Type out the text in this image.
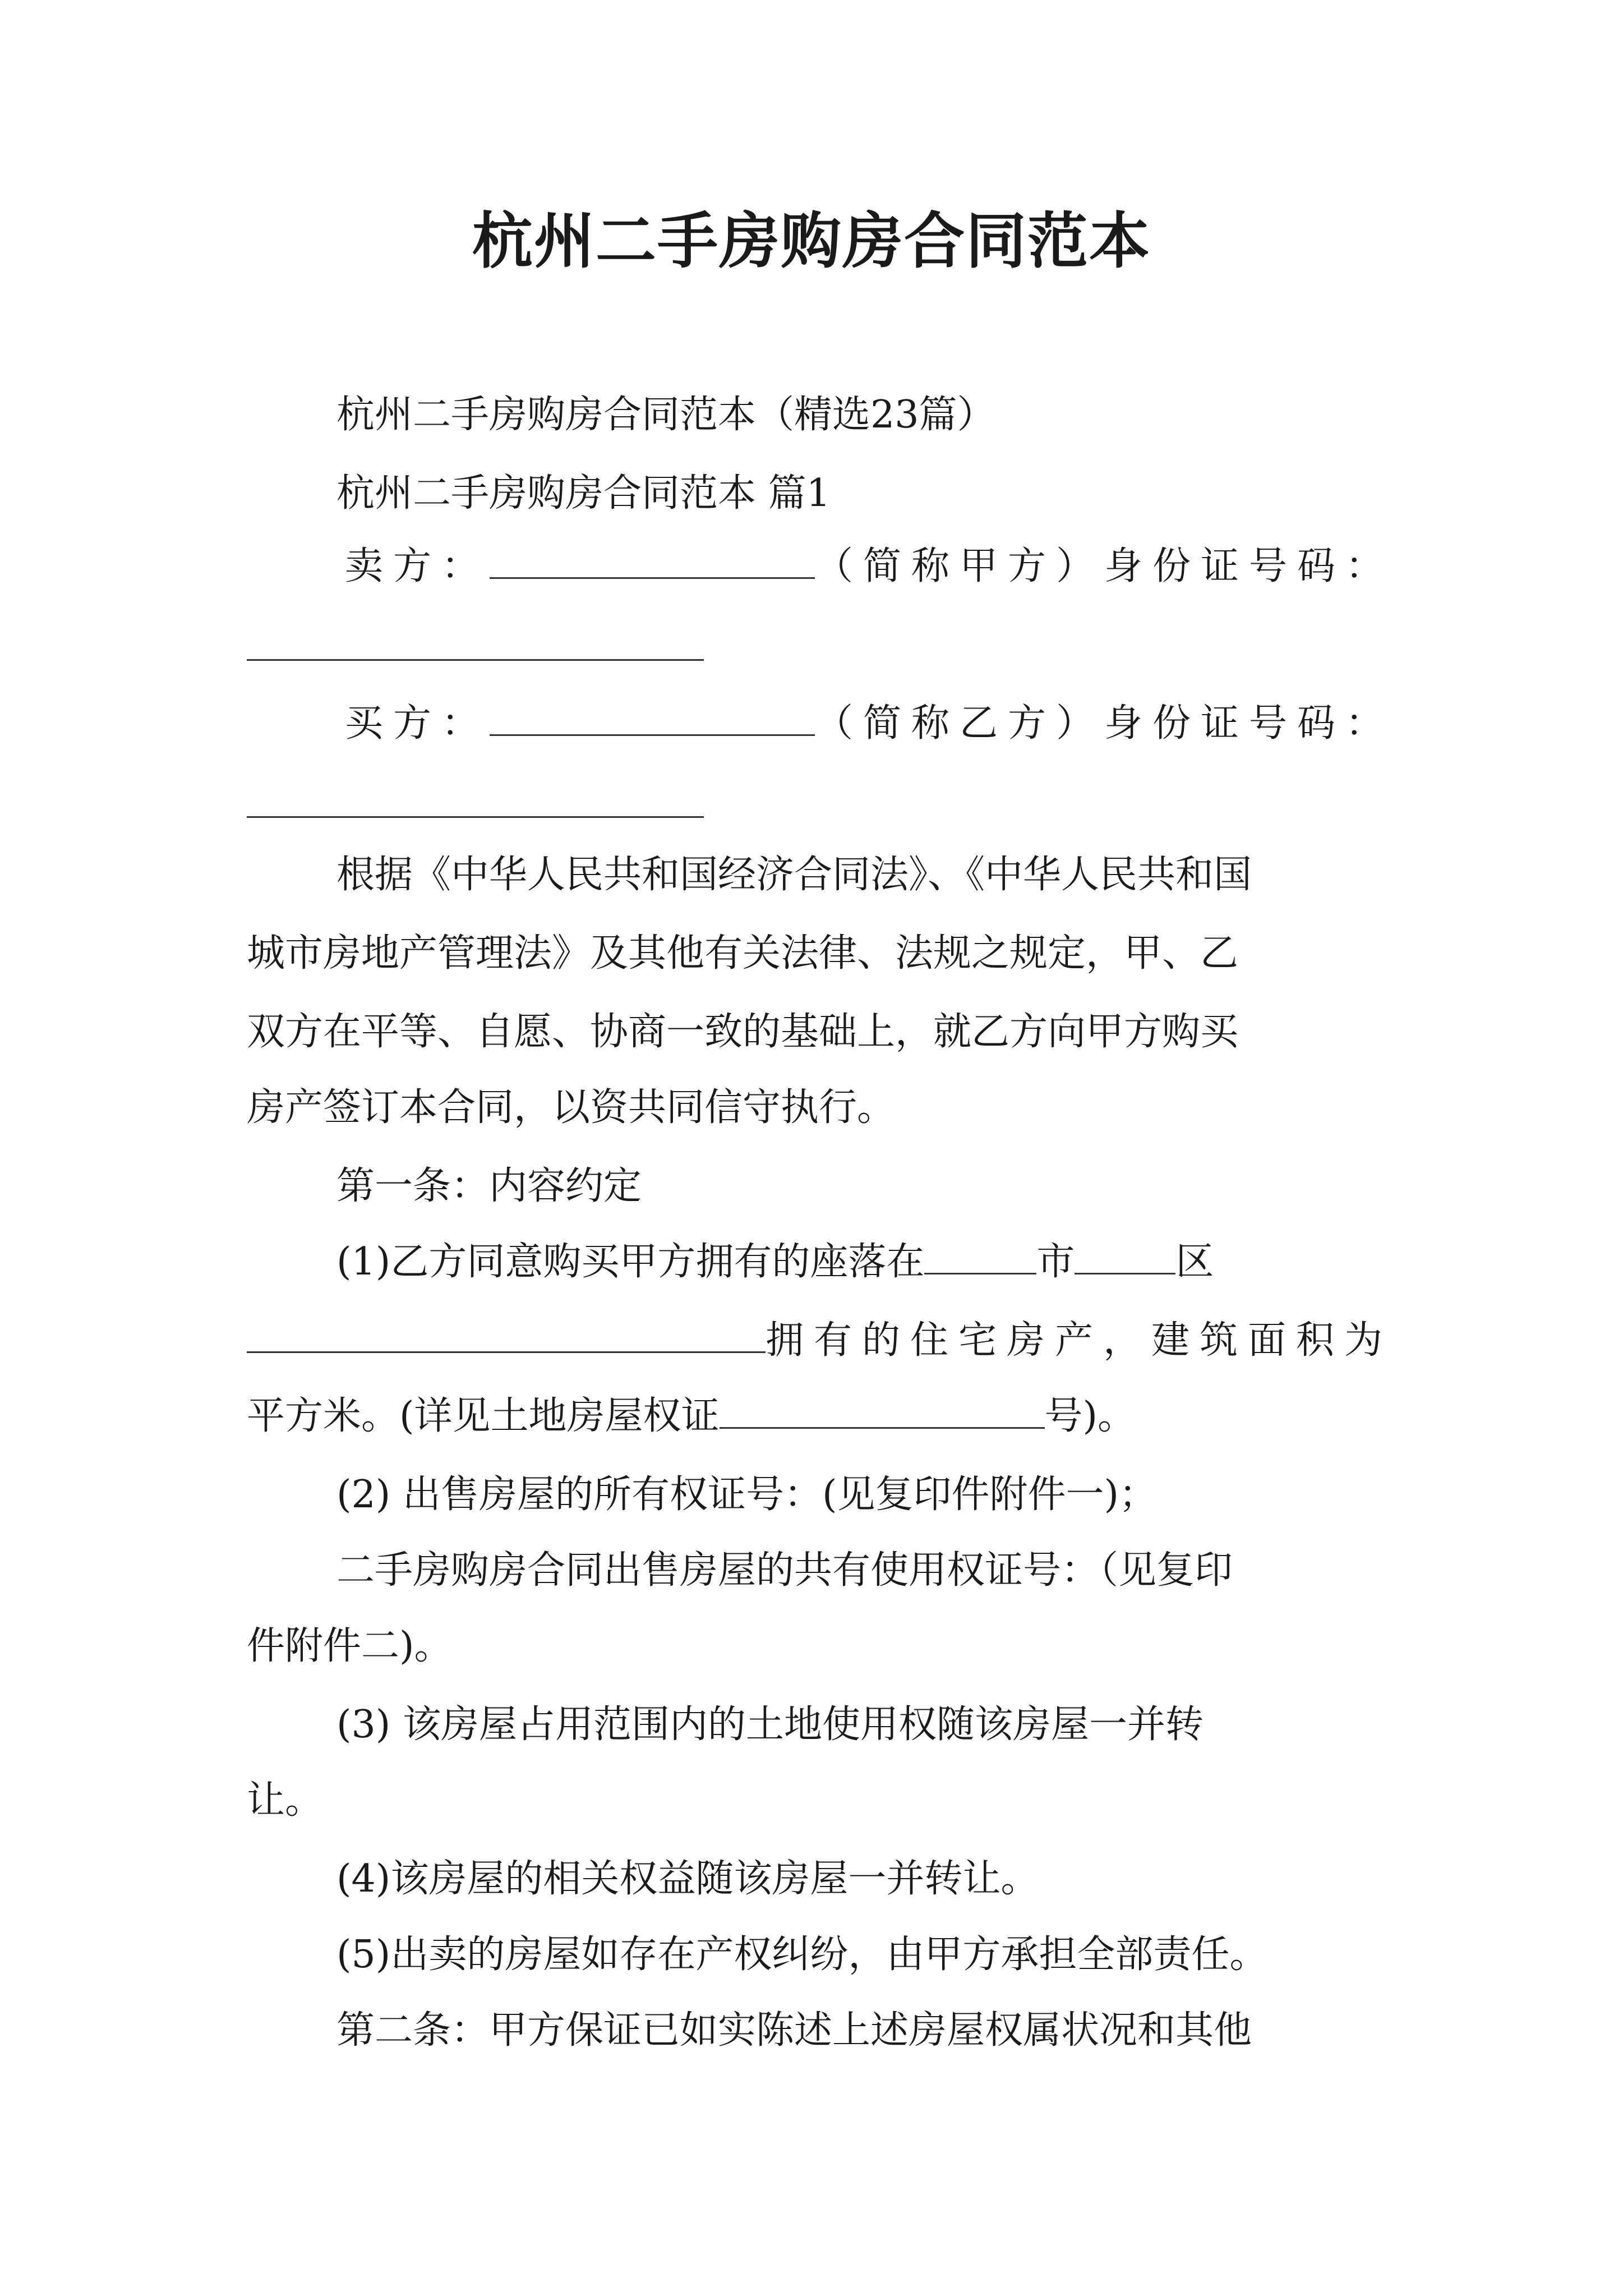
杭州二手房购房合同范本
杭州二手房购房合同范本（精选23篇）
杭州二手房购房合同范本 篇1
卖方：	（简称甲方）身份证号码：
买方：	（简称乙方）身份证号码：
根据《中华人民共和国经济合同法》、《中华人民共和国
城市房地产管理法》及其他有关法律、法规之规定，甲、乙
双方在平等、自愿、协商一致的基础上，就乙方向甲方购买
房产签订本合同，以资共同信守执行。
第一条：内容约定
(1)乙方同意购买甲方拥有的座落在	市	区
拥有的住宅房产，建筑面积为
平方米。(详见土地房屋权证	号)。
(2) 出售房屋的所有权证号：(见复印件附件一)；
二手房购房合同出售房屋的共有使用权证号：（见复印
件附件二)。
(3) 该房屋占用范围内的土地使用权随该房屋一并转
让。
(4)该房屋的相关权益随该房屋一并转让。
(5)出卖的房屋如存在产权纠纷，由甲方承担全部责任。
第二条：甲方保证已如实陈述上述房屋权属状况和其他
